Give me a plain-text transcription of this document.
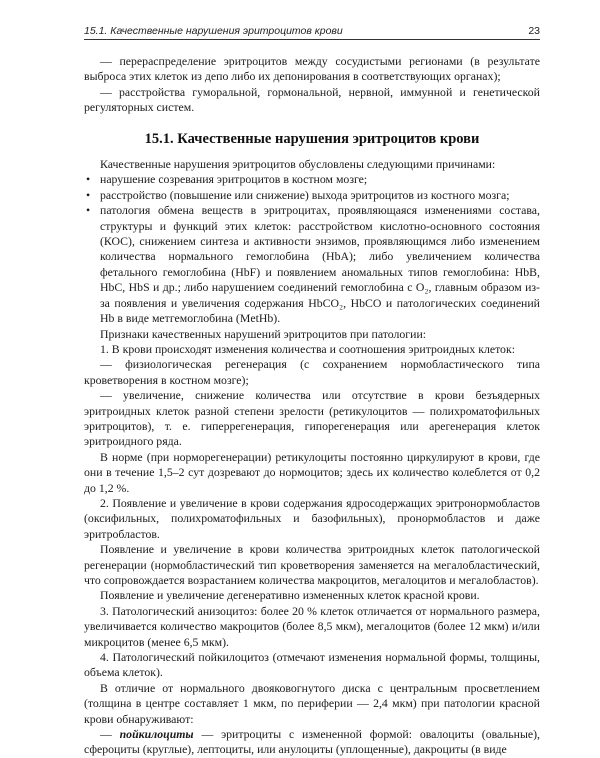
15.1. Качественные нарушения эритроцитов крови	23

— перераспределение эритроцитов между сосудистыми регионами (в результате выброса этих клеток из депо либо их депонирования в соответствующих органах);

— расстройства гуморальной, гормональной, нервной, иммунной и генетической регуляторных систем.

15.1. Качественные нарушения эритроцитов крови

Качественные нарушения эритроцитов обусловлены следующими причинами:

• нарушение созревания эритроцитов в костном мозге;
• расстройство (повышение или снижение) выхода эритроцитов из костного мозга;
• патология обмена веществ в эритроцитах, проявляющаяся изменениями состава, структуры и функций этих клеток: расстройством кислотно-основного состояния (КОС), снижением синтеза и активности энзимов, проявляющимся либо изменением количества нормального гемоглобина (HbA); либо увеличением количества фетального гемоглобина (HbF) и появлением аномальных типов гемоглобина: HbB, HbC, HbS и др.; либо нарушением соединений гемоглобина с O₂, главным образом из-за появления и увеличения содержания HbCO₂, HbCO и патологических соединений Hb в виде метгемоглобина (MetHb).

Признаки качественных нарушений эритроцитов при патологии:

1. В крови происходят изменения количества и соотношения эритроидных клеток:

— физиологическая регенерация (с сохранением нормобластического типа кроветворения в костном мозге);

— увеличение, снижение количества или отсутствие в крови безъядерных эритроидных клеток разной степени зрелости (ретикулоцитов — полихроматофильных эритроцитов), т. е. гиперрегенерация, гипорегенерация или арегенерация клеток эритроидного ряда.

В норме (при норморегенерации) ретикулоциты постоянно циркулируют в крови, где они в течение 1,5–2 сут дозревают до нормоцитов; здесь их количество колеблется от 0,2 до 1,2 %.

2. Появление и увеличение в крови содержания ядросодержащих эритронормобластов (оксифильных, полихроматофильных и базофильных), пронормобластов и даже эритробластов.

Появление и увеличение в крови количества эритроидных клеток патологической регенерации (нормобластический тип кроветворения заменяется на мегалобластический, что сопровождается возрастанием количества макроцитов, мегалоцитов и мегалобластов).

Появление и увеличение дегенеративно измененных клеток красной крови.

3. Патологический анизоцитоз: более 20 % клеток отличается от нормального размера, увеличивается количество макроцитов (более 8,5 мкм), мегалоцитов (более 12 мкм) и/или микроцитов (менее 6,5 мкм).

4. Патологический пойкилоцитоз (отмечают изменения нормальной формы, толщины, объема клеток).

В отличие от нормального двояковогнутого диска с центральным просветлением (толщина в центре составляет 1 мкм, по периферии — 2,4 мкм) при патологии красной крови обнаруживают:

— пойкилоциты — эритроциты с измененной формой: овалоциты (овальные), сфероциты (круглые), лептоциты, или анулоциты (уплощенные), дакроциты (в виде
